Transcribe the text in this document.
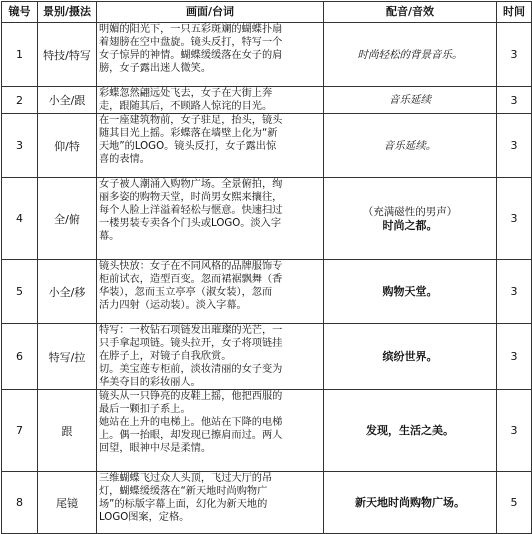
镜号	景别/摄法	画面/台词	配音/音效	时间
1	特技/特写	明媚的阳光下，一只五彩斑斓的蝴蝶扑扇
着翅膀在空中盘旋。镜头反打，特写一个
女子惊异的神情。蝴蝶缓缓落在女子的肩
膀，女子露出迷人微笑。	时尚轻松的背景音乐。	3
2	小全/跟	彩蝶忽然翩远处飞去，女子在大街上奔
走，跟随其后，不顾路人惊诧的目光。	音乐延续	3
3	仰/特	在一座建筑物前，女子驻足，抬头，镜头
随其目光上摇。彩蝶落在墙壁上化为“新
天地”的LOGO。镜头反打，女子露出惊
喜的表情。	音乐延续。	3
4	全/俯	女子被人潮涌入购物广场。全景俯拍，绚
丽多姿的购物天堂，时尚男女熙来攘往，
每个人脸上洋溢着轻松与惬意。快速扫过
一楼男装专卖各个门头或LOGO。淡入字
幕。	（充满磁性的男声）
时尚之都。	3
5	小全/移	镜头快放：女子在不同风格的品牌服饰专
柜前试衣，造型百变。忽而裙裾飘舞（香
华装），忽而玉立亭亭（淑女装），忽而
活力四射（运动装）。淡入字幕。	购物天堂。	3
6	特写/拉	特写：一枚钻石项链发出璀璨的光芒，一
只手拿起项链。镜头拉开，女子将项链挂
在脖子上，对镜子自我欣赏。
切。美宝莲专柜前，淡妆清丽的女子变为
华美夺目的彩妆丽人。	缤纷世界。	3
7	跟	镜头从一只铮亮的皮鞋上摇，他把西服的
最后一颗扣子系上。
她站在上升的电梯上。他站在下降的电梯
上。偶一抬眼，却发现已擦肩而过。两人
回望，眼神中尽是柔情。	发现，生活之美。	3
8	尾镜	三维蝴蝶飞过众人头顶，飞过大厅的吊
灯，蝴蝶缓缓落在“新天地时尚购物广
场”的标版字幕上面，幻化为新天地的
LOGO图案，定格。	新天地时尚购物广场。	5
